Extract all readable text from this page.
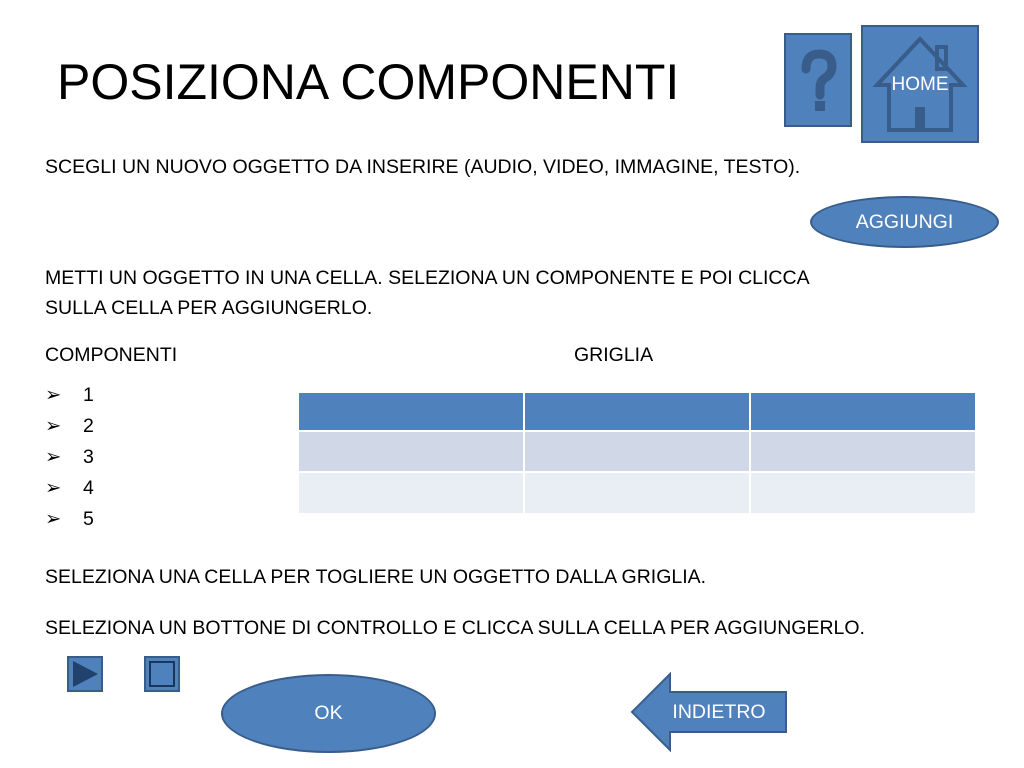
POSIZIONA COMPONENTI	HOME
SCEGLI UN NUOVO OGGETTO DA INSERIRE (AUDIO, VIDEO, IMMAGINE, TESTO).
AGGIUNGI
METTI UN OGGETTO IN UNA CELLA. SELEZIONA UN COMPONENTE E POI CLICCA
SULLA CELLA PER AGGIUNGERLO.
COMPONENTI	GRIGLIA
➢	1
➢	2
➢	3
➢	4
➢	5

SELEZIONA UNA CELLA PER TOGLIERE UN OGGETTO DALLA GRIGLIA.
SELEZIONA UN BOTTONE DI CONTROLLO E CLICCA SULLA CELLA PER AGGIUNGERLO.
OK	INDIETRO
